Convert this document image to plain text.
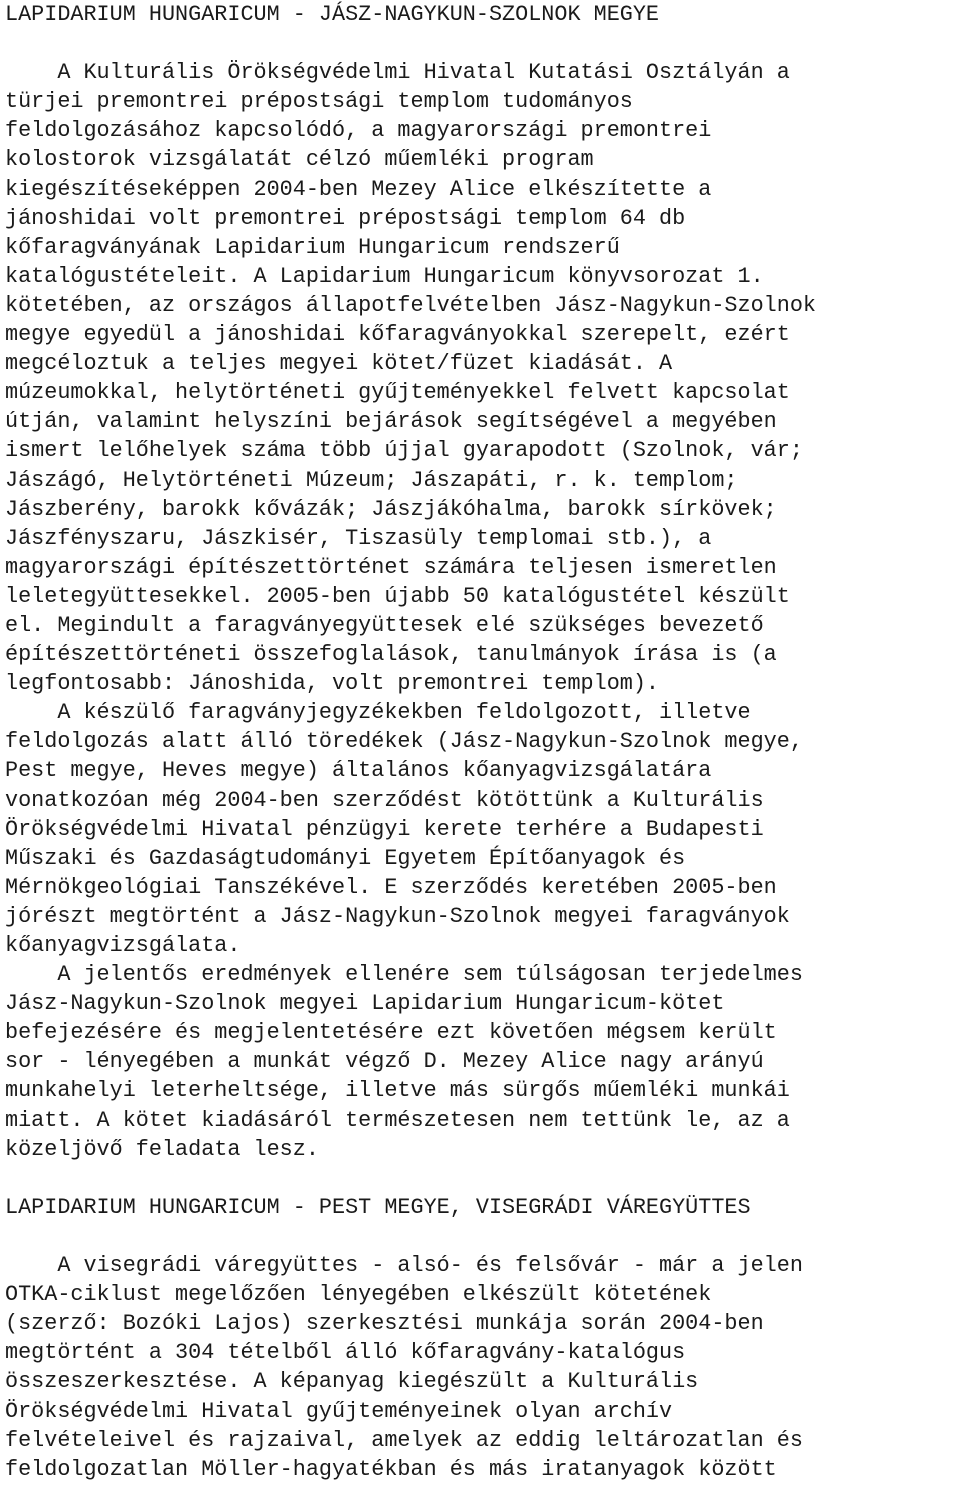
LAPIDARIUM HUNGARICUM - JÁSZ-NAGYKUN-SZOLNOK MEGYE
A Kulturális Örökségvédelmi Hivatal Kutatási Osztályán a
türjei premontrei prépostsági templom tudományos
feldolgozásához kapcsolódó, a magyarországi premontrei
kolostorok vizsgálatát célzó műemléki program
kiegészítéseképpen 2004-ben Mezey Alice elkészítette a
jánoshidai volt premontrei prépostsági templom 64 db
kőfaragványának Lapidarium Hungaricum rendszerű
katalógustételeit. A Lapidarium Hungaricum könyvsorozat 1.
kötetében, az országos állapotfelvételben Jász-Nagykun-Szolnok
megye egyedül a jánoshidai kőfaragványokkal szerepelt, ezért
megcéloztuk a teljes megyei kötet/füzet kiadását. A
múzeumokkal, helytörténeti gyűjteményekkel felvett kapcsolat
útján, valamint helyszíni bejárások segítségével a megyében
ismert lelőhelyek száma több újjal gyarapodott (Szolnok, vár;
Jászágó, Helytörténeti Múzeum; Jászapáti, r. k. templom;
Jászberény, barokk kővázák; Jászjákóhalma, barokk sírkövek;
Jászfényszaru, Jászkisér, Tiszasüly templomai stb.), a
magyarországi építészettörténet számára teljesen ismeretlen
leletegyüttesekkel. 2005-ben újabb 50 katalógustétel készült
el. Megindult a faragványegyüttesek elé szükséges bevezető
építészettörténeti összefoglalások, tanulmányok írása is (a
legfontosabb: Jánoshida, volt premontrei templom).
A készülő faragványjegyzékekben feldolgozott, illetve
feldolgozás alatt álló töredékek (Jász-Nagykun-Szolnok megye,
Pest megye, Heves megye) általános kőanyagvizsgálatára
vonatkozóan még 2004-ben szerződést kötöttünk a Kulturális
Örökségvédelmi Hivatal pénzügyi kerete terhére a Budapesti
Műszaki és Gazdaságtudományi Egyetem Építőanyagok és
Mérnökgeológiai Tanszékével. E szerződés keretében 2005-ben
jórészt megtörtént a Jász-Nagykun-Szolnok megyei faragványok
kőanyagvizsgálata.
A jelentős eredmények ellenére sem túlságosan terjedelmes
Jász-Nagykun-Szolnok megyei Lapidarium Hungaricum-kötet
befejezésére és megjelentetésére ezt követően mégsem került
sor - lényegében a munkát végző D. Mezey Alice nagy arányú
munkahelyi leterheltsége, illetve más sürgős műemléki munkái
miatt. A kötet kiadásáról természetesen nem tettünk le, az a
közeljövő feladata lesz.
LAPIDARIUM HUNGARICUM - PEST MEGYE, VISEGRÁDI VÁREGYÜTTES
A visegrádi váregyüttes - alsó- és felsővár - már a jelen
OTKA-ciklust megelőzően lényegében elkészült kötetének
(szerző: Bozóki Lajos) szerkesztési munkája során 2004-ben
megtörtént a 304 tételből álló kőfaragvány-katalógus
összeszerkesztése. A képanyag kiegészült a Kulturális
Örökségvédelmi Hivatal gyűjteményeinek olyan archív
felvételeivel és rajzaival, amelyek az eddig leltározatlan és
feldolgozatlan Möller-hagyatékban és más iratanyagok között
